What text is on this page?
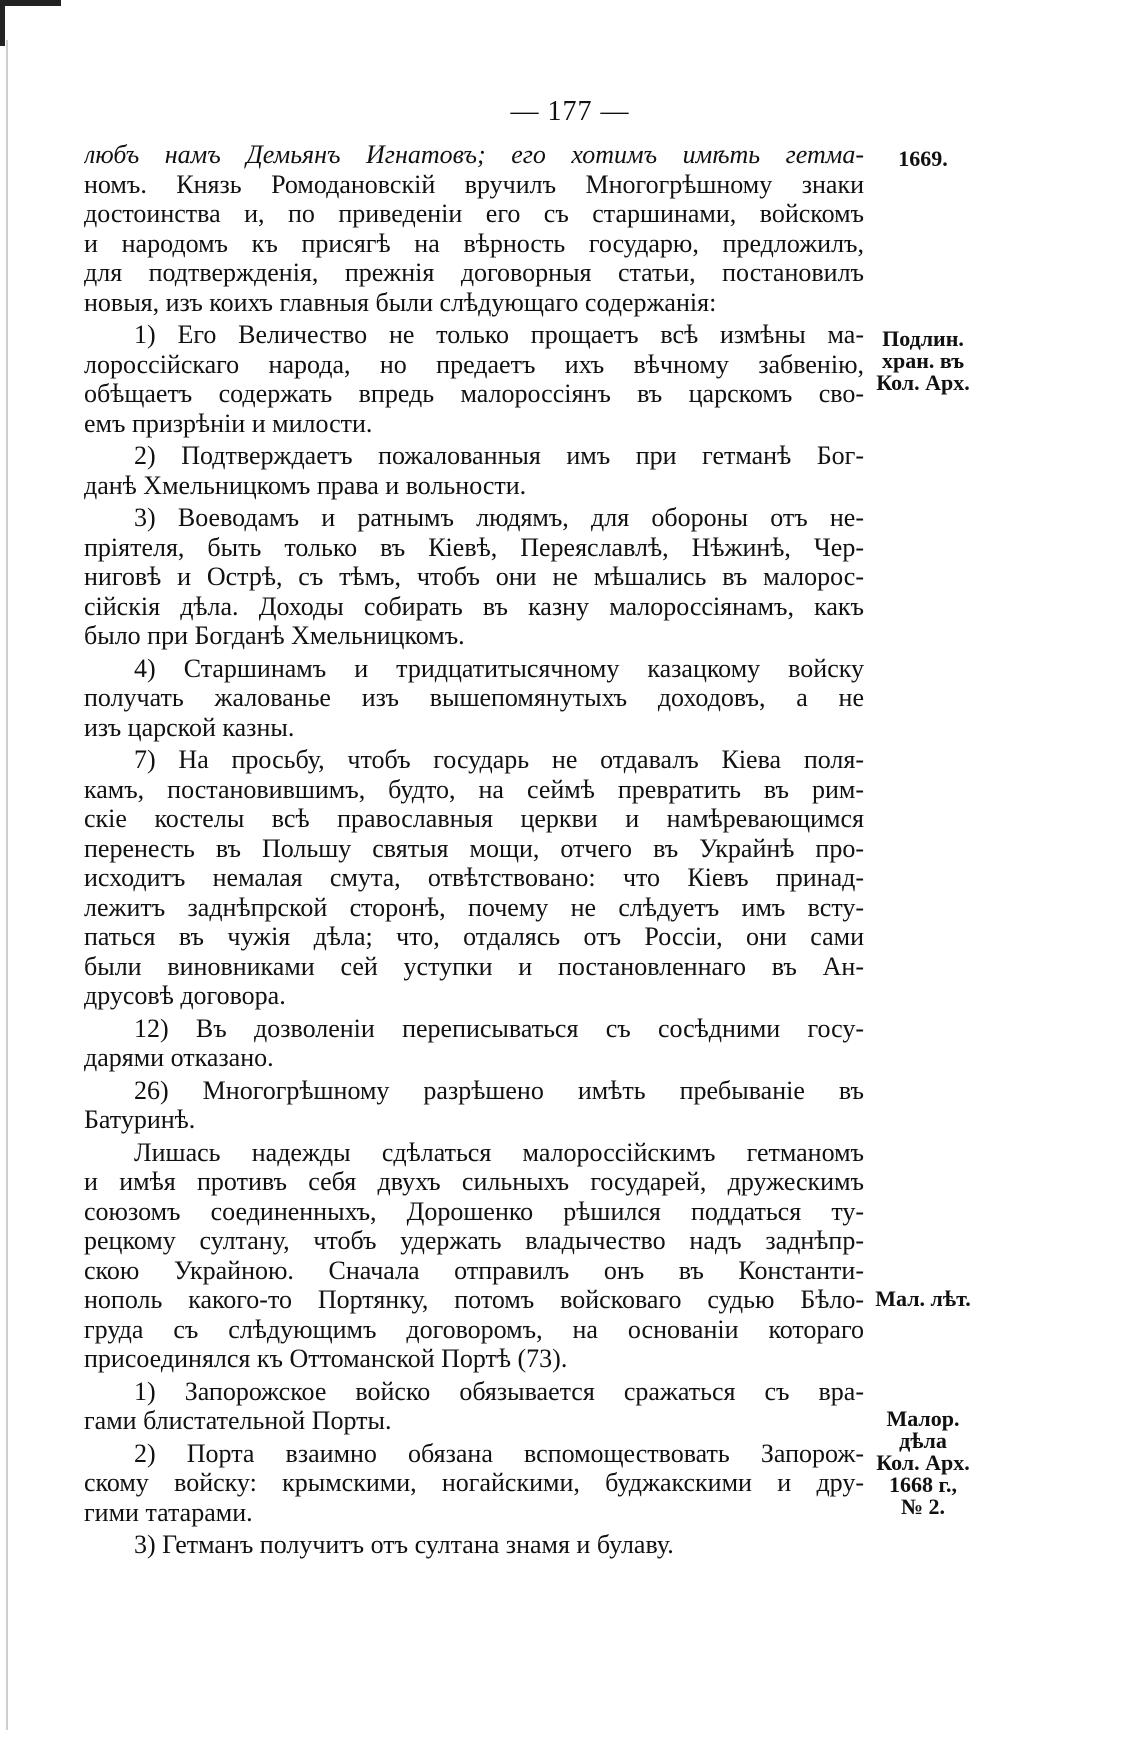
— 177 —
1669.
Подлин.
хран. въ
Кол. Арх.
Мал. лѣт.
Малор.
дѣла
Кол. Арх.
1668 г.,
№ 2.
любъ намъ Демьянъ Игнатовъ; его хотимъ имѣть гетма-
номъ. Князь Ромодановскій вручилъ Многогрѣшному знаки
достоинства и, по приведеніи его съ старшинами, войскомъ
и народомъ къ присягѣ на вѣрность государю, предложилъ,
для подтвержденія, прежнія договорныя статьи, постановилъ
новыя, изъ коихъ главныя были слѣдующаго содержанія:
1) Его Величество не только прощаетъ всѣ измѣны ма-
лороссійскаго народа, но предаетъ ихъ вѣчному забвенію,
обѣщаетъ содержать впредь малороссіянъ въ царскомъ сво-
емъ призрѣніи и милости.
2) Подтверждаетъ пожалованныя имъ при гетманѣ Бог-
данѣ Хмельницкомъ права и вольности.
3) Воеводамъ и ратнымъ людямъ, для обороны отъ не-
пріятеля, быть только въ Кіевѣ, Переяславлѣ, Нѣжинѣ, Чер-
ниговѣ и Острѣ, съ тѣмъ, чтобъ они не мѣшались въ малорос-
сійскія дѣла. Доходы собирать въ казну малороссіянамъ, какъ
было при Богданѣ Хмельницкомъ.
4) Старшинамъ и тридцатитысячному казацкому войску
получать жалованье изъ вышепомянутыхъ доходовъ, а не
изъ царской казны.
7) На просьбу, чтобъ государь не отдавалъ Кіева поля-
камъ, постановившимъ, будто, на сеймѣ превратить въ рим-
скіе костелы всѣ православныя церкви и намѣревающимся
перенесть въ Польшу святыя мощи, отчего въ Украйнѣ про-
исходитъ немалая смута, отвѣтствовано: что Кіевъ принад-
лежитъ заднѣпрской сторонѣ, почему не слѣдуетъ имъ всту-
паться въ чужія дѣла; что, отдалясь отъ Россіи, они сами
были виновниками сей уступки и постановленнаго въ Ан-
друсовѣ договора.
12) Въ дозволеніи переписываться съ сосѣдними госу-
дарями отказано.
26) Многогрѣшному разрѣшено имѣть пребываніе въ
Батуринѣ.
Лишась надежды сдѣлаться малороссійскимъ гетманомъ
и имѣя противъ себя двухъ сильныхъ государей, дружескимъ
союзомъ соединенныхъ, Дорошенко рѣшился поддаться ту-
рецкому султану, чтобъ удержать владычество надъ заднѣпр-
скою Украйною. Сначала отправилъ онъ въ Константи-
нополь какого-то Портянку, потомъ войсковаго судью Бѣло-
груда съ слѣдующимъ договоромъ, на основаніи котораго
присоединялся къ Оттоманской Портѣ (73).
1) Запорожское войско обязывается сражаться съ вра-
гами блистательной Порты.
2) Порта взаимно обязана вспомоществовать Запорож-
скому войску: крымскими, ногайскими, буджакскими и дру-
гими татарами.
3) Гетманъ получитъ отъ султана знамя и булаву.
